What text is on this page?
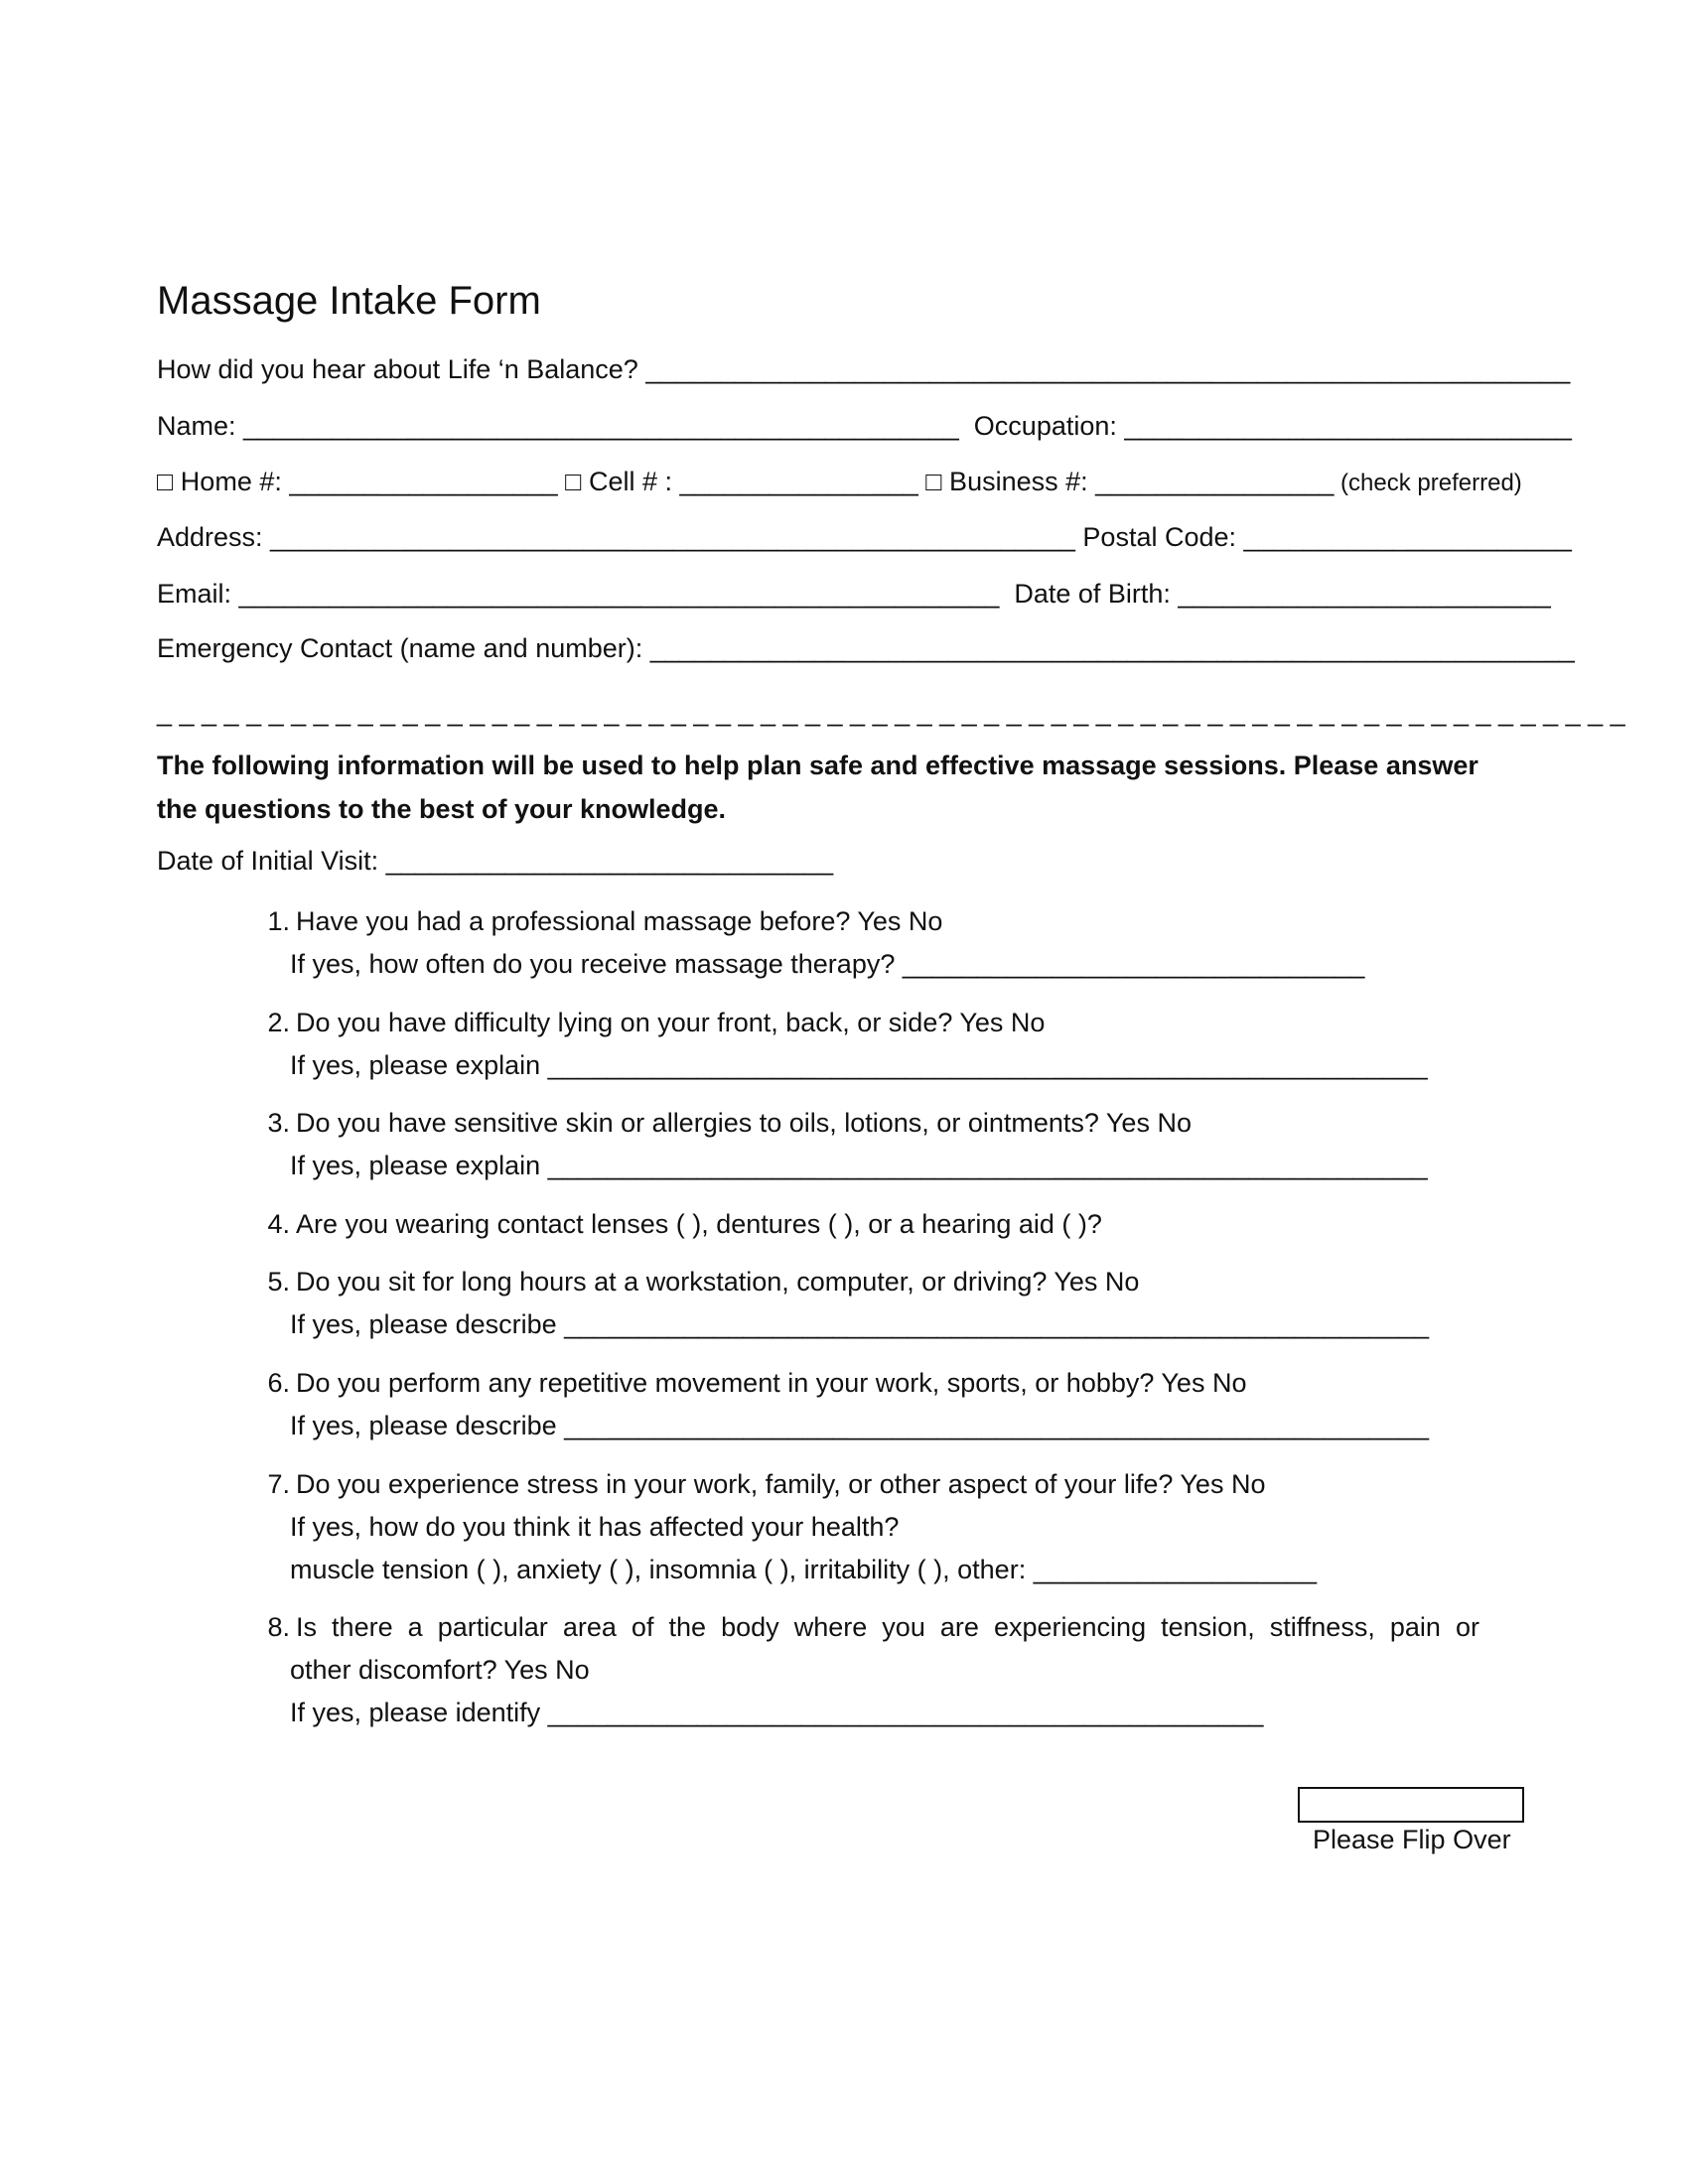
Massage Intake Form
How did you hear about Life ‘n Balance? ______________________________________________________________
Name: ________________________________________________  Occupation: ______________________________
□ Home #: __________________ □ Cell # : ________________ □ Business #: ________________ (check preferred)
Address: ______________________________________________________ Postal Code: ______________________
Email: ___________________________________________________  Date of Birth: _________________________
Emergency Contact (name and number): ______________________________________________________________
_ _ _ _ _ _ _ _ _ _ _ _ _ _ _ _ _ _ _ _ _ _ _ _ _ _ _ _ _ _ _ _ _ _ _ _ _ _ _ _ _ _ _ _ _ _ _ _ _ _ _ _ _ _ _ _ _ _ _ _ _ _ _ _ _ _
The following information will be used to help plan safe and effective massage sessions. Please answer the questions to the best of your knowledge.
Date of Initial Visit: ______________________________
1. Have you had a professional massage before? Yes No
If yes, how often do you receive massage therapy? _______________________________
2. Do you have difficulty lying on your front, back, or side? Yes No
If yes, please explain ___________________________________________________________
3. Do you have sensitive skin or allergies to oils, lotions, or ointments? Yes No
If yes, please explain ___________________________________________________________
4. Are you wearing contact lenses ( ), dentures ( ), or a hearing aid ( )?
5. Do you sit for long hours at a workstation, computer, or driving? Yes No
If yes, please describe __________________________________________________________
6. Do you perform any repetitive movement in your work, sports, or hobby? Yes No
If yes, please describe __________________________________________________________
7. Do you experience stress in your work, family, or other aspect of your life? Yes No
If yes, how do you think it has affected your health?
muscle tension ( ), anxiety ( ), insomnia ( ), irritability ( ), other: ___________________
8. Is there a particular area of the body where you are experiencing tension, stiffness, pain or
other discomfort? Yes No
If yes, please identify ________________________________________________
Please Flip Over
